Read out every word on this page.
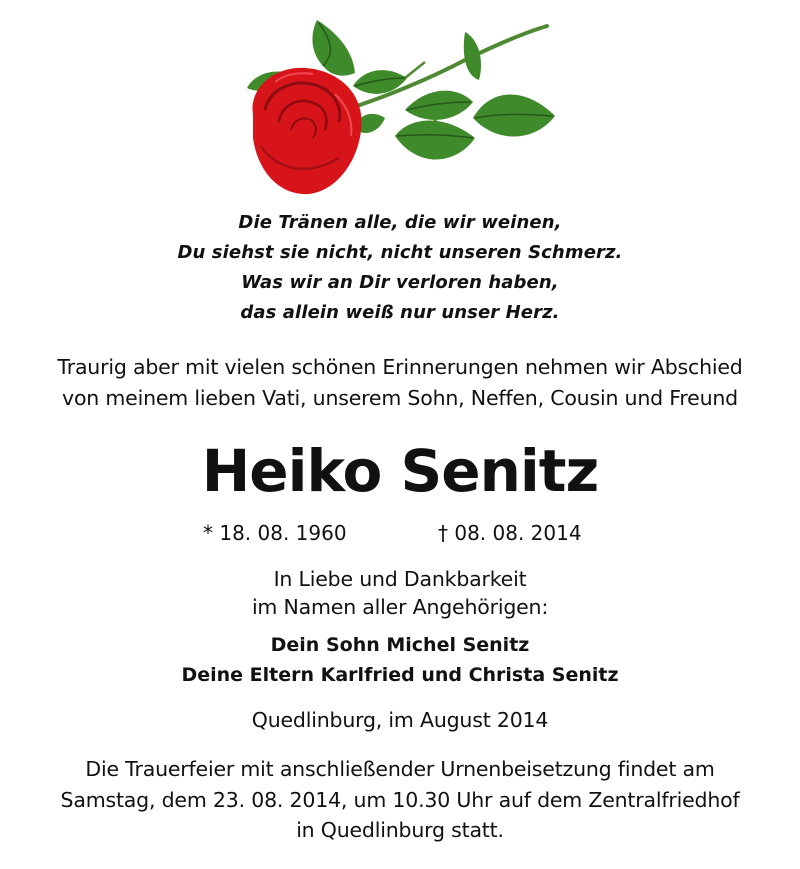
Die Tränen alle, die wir weinen,
Du siehst sie nicht, nicht unseren Schmerz.
Was wir an Dir verloren haben,
das allein weiß nur unser Herz.
Traurig aber mit vielen schönen Erinnerungen nehmen wir Abschied
von meinem lieben Vati, unserem Sohn, Neffen, Cousin und Freund
Heiko Senitz
* 18. 08. 1960	† 08. 08. 2014
In Liebe und Dankbarkeit
im Namen aller Angehörigen:
Dein Sohn Michel Senitz
Deine Eltern Karlfried und Christa Senitz
Quedlinburg, im August 2014
Die Trauerfeier mit anschließender Urnenbeisetzung findet am
Samstag, dem 23. 08. 2014, um 10.30 Uhr auf dem Zentralfriedhof
in Quedlinburg statt.
